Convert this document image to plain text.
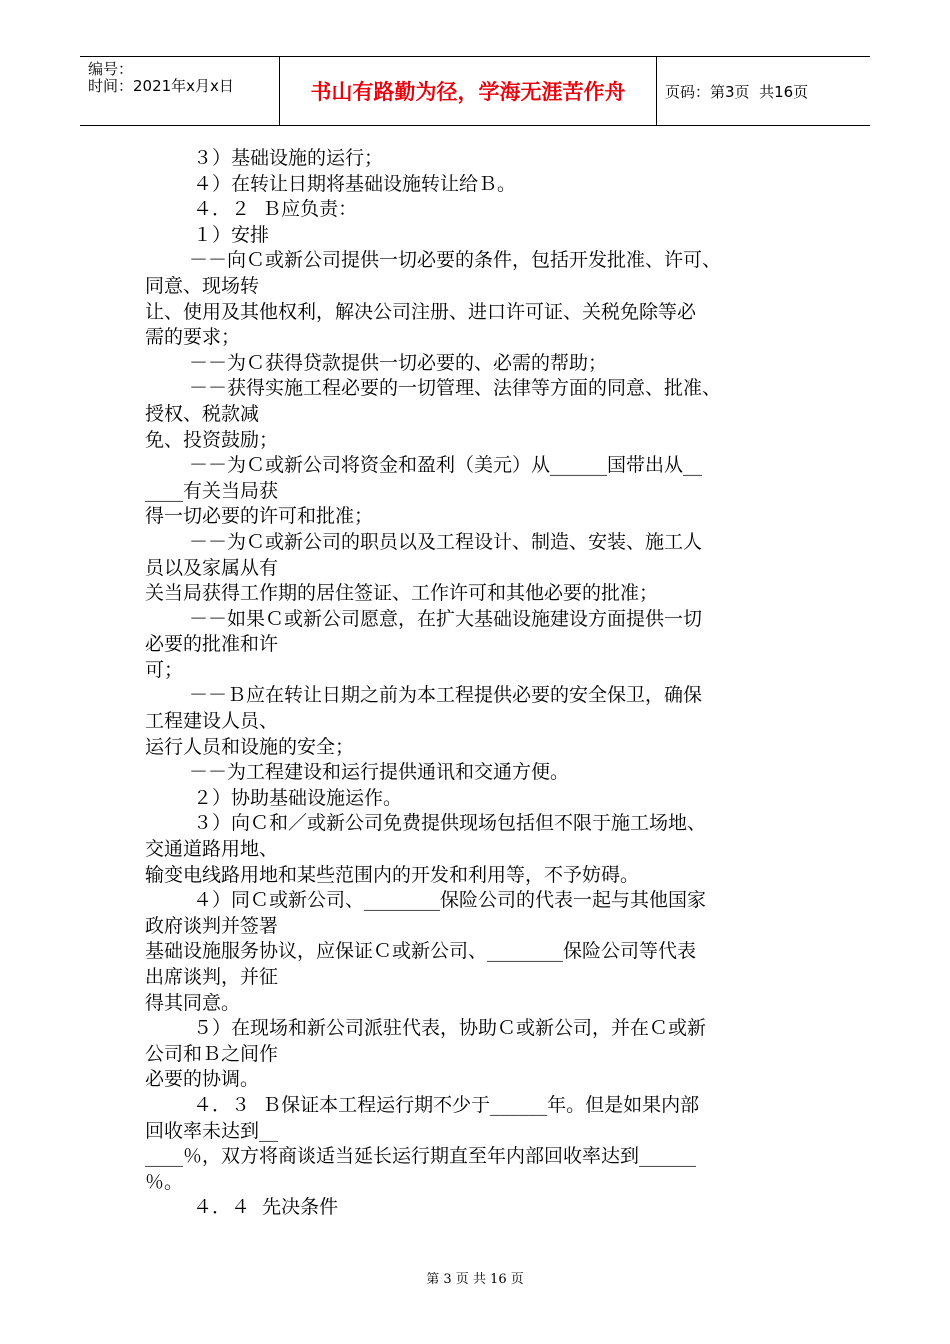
编号：
时间：2021年x月x日	书山有路勤为径，学海无涯苦作舟	页码：第3页  共16页
３）基础设施的运行；
４）在转让日期将基础设施转让给Ｂ。
４．２  Ｂ应负责：
１）安排
－－向Ｃ或新公司提供一切必要的条件，包括开发批准、许可、
同意、现场转
让、使用及其他权利，解决公司注册、进口许可证、关税免除等必
需的要求；
－－为Ｃ获得贷款提供一切必要的、必需的帮助；
－－获得实施工程必要的一切管理、法律等方面的同意、批准、
授权、税款减
免、投资鼓励；
－－为Ｃ或新公司将资金和盈利（美元）从______国带出从__
____有关当局获
得一切必要的许可和批准；
－－为Ｃ或新公司的职员以及工程设计、制造、安装、施工人
员以及家属从有
关当局获得工作期的居住签证、工作许可和其他必要的批准；
－－如果Ｃ或新公司愿意，在扩大基础设施建设方面提供一切
必要的批准和许
可；
－－Ｂ应在转让日期之前为本工程提供必要的安全保卫，确保
工程建设人员、
运行人员和设施的安全；
－－为工程建设和运行提供通讯和交通方便。
２）协助基础设施运作。
３）向Ｃ和／或新公司免费提供现场包括但不限于施工场地、
交通道路用地、
输变电线路用地和某些范围内的开发和利用等，不予妨碍。
４）同Ｃ或新公司、________保险公司的代表一起与其他国家
政府谈判并签署
基础设施服务协议，应保证Ｃ或新公司、________保险公司等代表
出席谈判，并征
得其同意。
５）在现场和新公司派驻代表，协助Ｃ或新公司，并在Ｃ或新
公司和Ｂ之间作
必要的协调。
４．３  Ｂ保证本工程运行期不少于______年。但是如果内部
回收率未达到__
____％，双方将商谈适当延长运行期直至年内部回收率达到______
％。
４．４  先决条件
第 3 页 共 16 页
